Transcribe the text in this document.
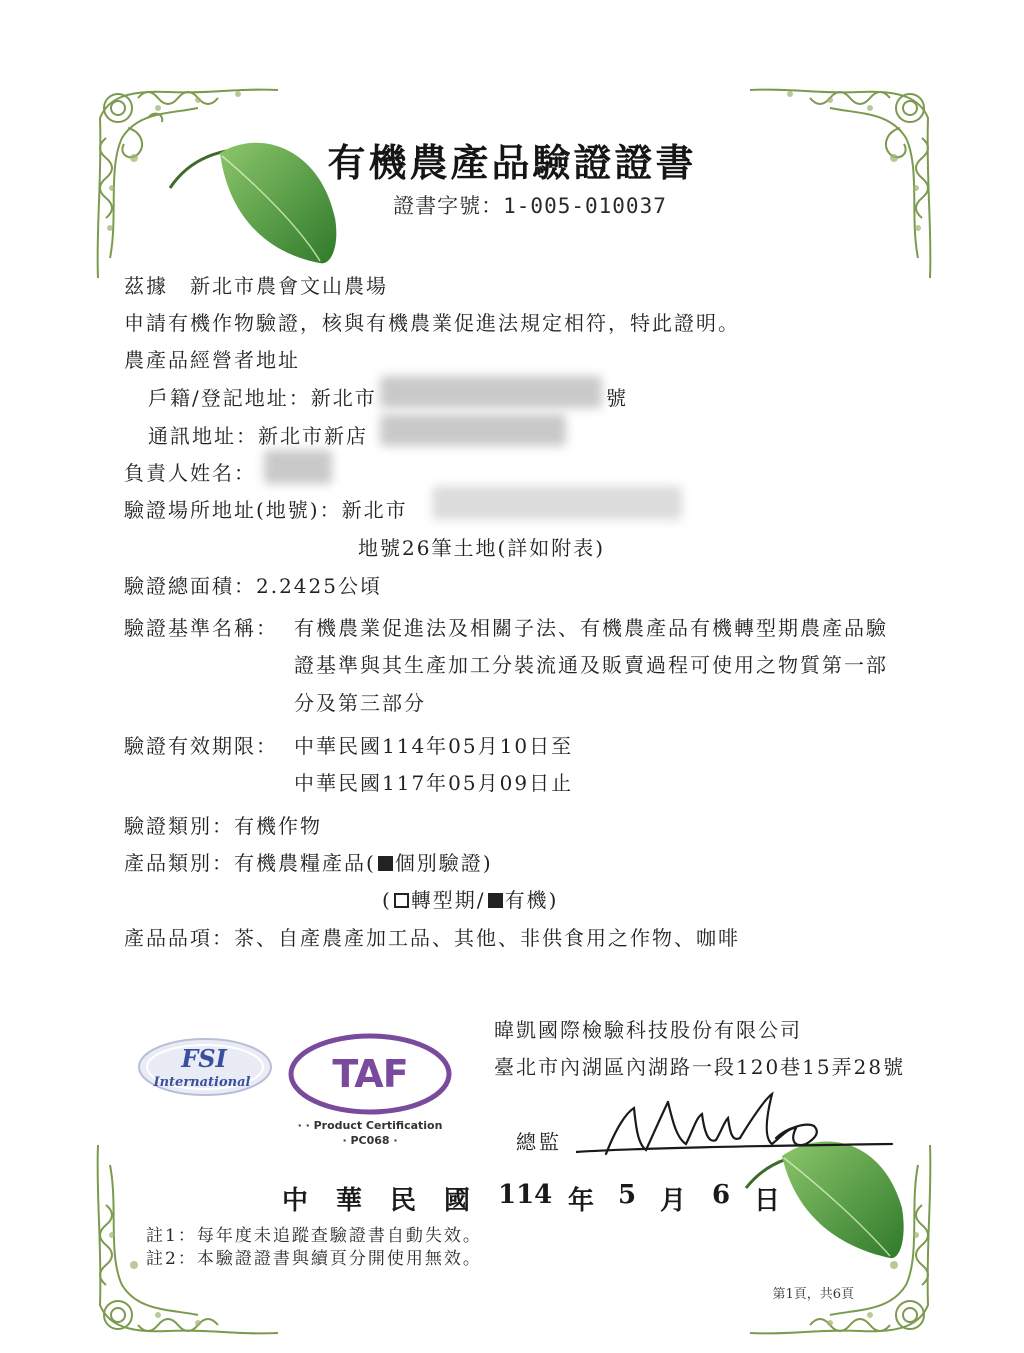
有機農產品驗證證書
證書字號：1-005-010037
茲據　新北市農會文山農場
申請有機作物驗證，核與有機農業促進法規定相符，特此證明。
農產品經營者地址
戶籍/登記地址：新北市	號
通訊地址：新北市新店
負責人姓名：
驗證場所地址(地號)：新北市
地號26筆土地(詳如附表)
驗證總面積：2.2425公頃
驗證基準名稱： 有機農業促進法及相關子法、有機農產品有機轉型期農產品驗
證基準與其生產加工分裝流通及販賣過程可使用之物質第一部
分及第三部分
驗證有效期限： 中華民國114年05月10日至
中華民國117年05月09日止
驗證類別：有機作物
產品類別：有機農糧產品( 個別驗證)
( 轉型期/ 有機)
產品品項：茶、自產農產加工品、其他、非供食用之作物、咖啡
暐凱國際檢驗科技股份有限公司
臺北市內湖區內湖路一段120巷15弄28號
FSI
International TAF
· · Product Certification
· PC068 ·	總監
中 華 民 國 114 年 5 月 6 日
註1：每年度未追蹤查驗證書自動失效。
註2：本驗證證書與續頁分開使用無效。
第1頁，共6頁
